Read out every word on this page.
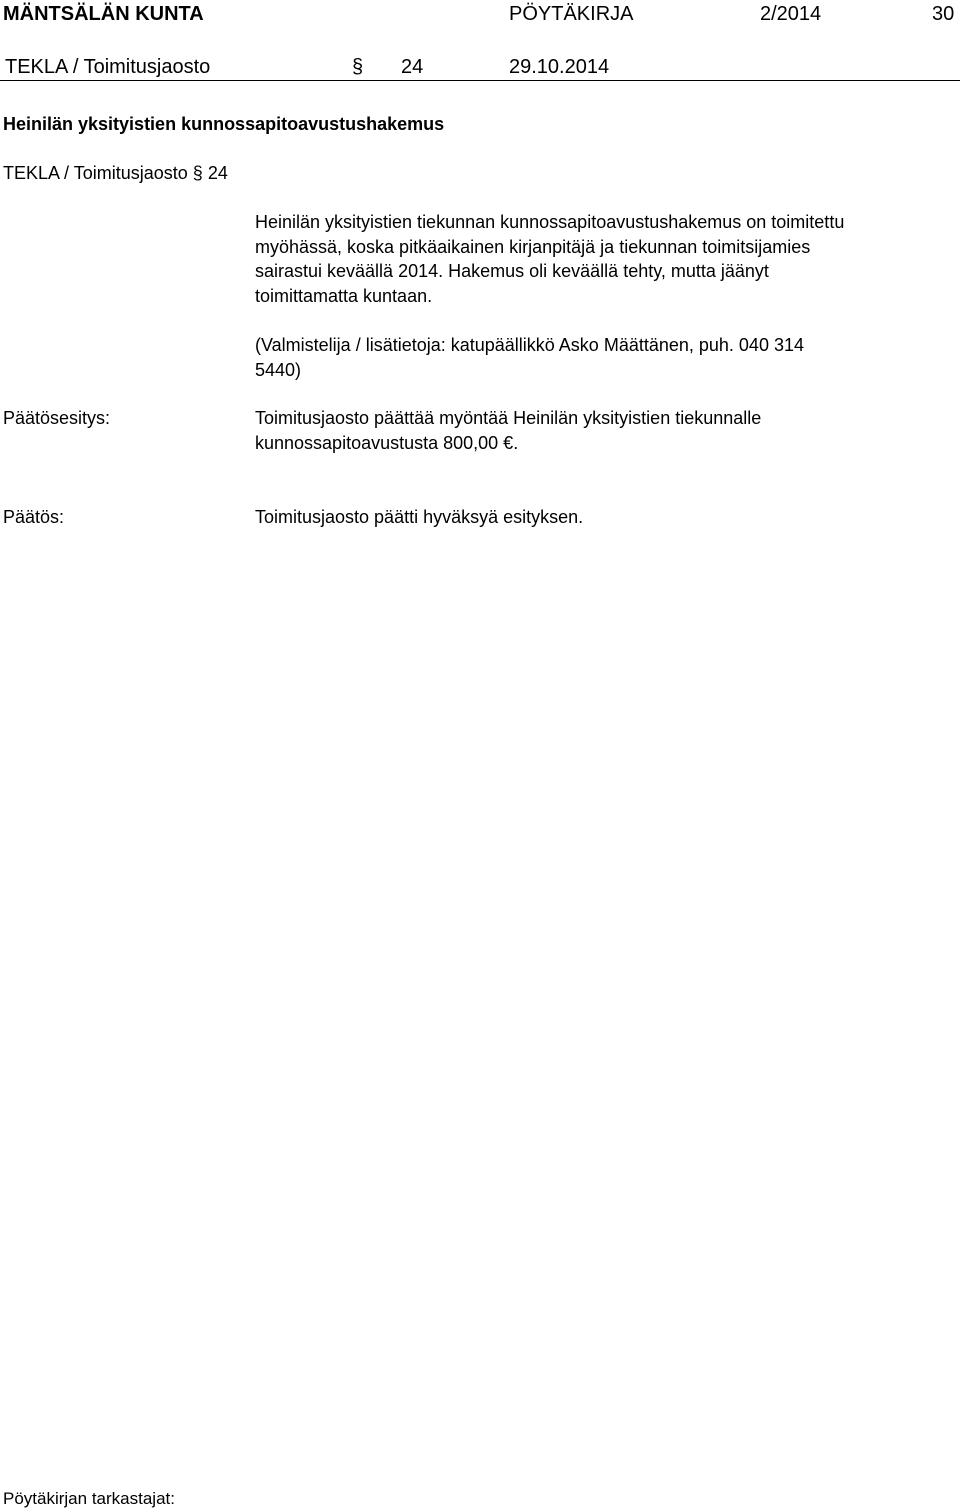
MÄNTSÄLÄN KUNTA	PÖYTÄKIRJA	2/2014	30
TEKLA / Toimitusjaosto	§ 24	29.10.2014
Heinilän yksityistien kunnossapitoavustushakemus
TEKLA / Toimitusjaosto § 24

Heinilän yksityistien tiekunnan kunnossapitoavustushakemus on toimitettu

myöhässä, koska pitkäaikainen kirjanpitäjä ja tiekunnan toimitsijamies

sairastui keväällä 2014. Hakemus oli keväällä tehty, mutta jäänyt

toimittamatta kuntaan.

(Valmistelija / lisätietoja: katupäällikkö Asko Määttänen, puh. 040 314

5440)

Päätösesitys:	Toimitusjaosto päättää myöntää Heinilän yksityistien tiekunnalle

kunnossapitoavustusta 800,00 €.

Päätös:	Toimitusjaosto päätti hyväksyä esityksen.

Pöytäkirjan tarkastajat:
